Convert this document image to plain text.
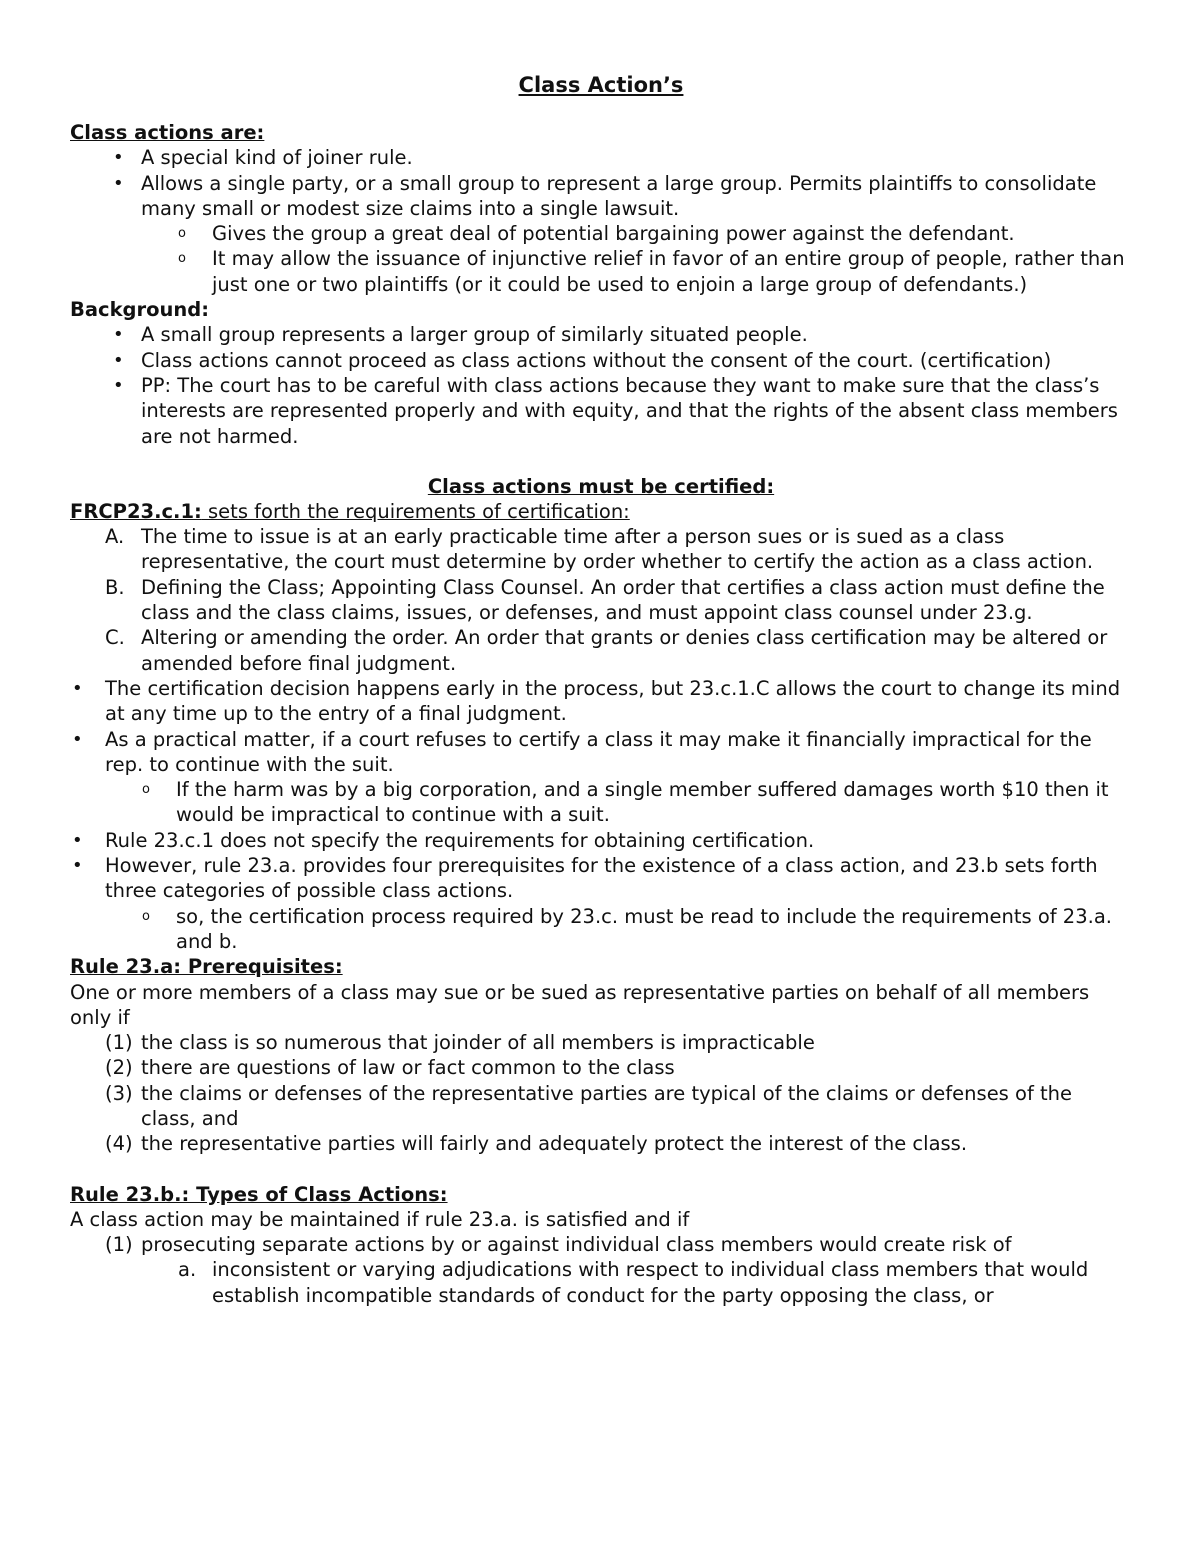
Class Action’s

Class actions are:

• A special kind of joiner rule.
• Allows a single party, or a small group to represent a large group. Permits plaintiffs to consolidate many small or modest size claims into a single lawsuit.
o Gives the group a great deal of potential bargaining power against the defendant.
o It may allow the issuance of injunctive relief in favor of an entire group of people, rather than just one or two plaintiffs (or it could be used to enjoin a large group of defendants.)

Background:

• A small group represents a larger group of similarly situated people.
• Class actions cannot proceed as class actions without the consent of the court. (certification)
• PP: The court has to be careful with class actions because they want to make sure that the class’s interests are represented properly and with equity, and that the rights of the absent class members are not harmed.
Class actions must be certified:

FRCP23.c.1: sets forth the requirements of certification:

A. The time to issue is at an early practicable time after a person sues or is sued as a class representative, the court must determine by order whether to certify the action as a class action.
B. Defining the Class; Appointing Class Counsel. An order that certifies a class action must define the class and the class claims, issues, or defenses, and must appoint class counsel under 23.g.
C. Altering or amending the order. An order that grants or denies class certification may be altered or amended before final judgment.
• The certification decision happens early in the process, but 23.c.1.C allows the court to change its mind at any time up to the entry of a final judgment.
• As a practical matter, if a court refuses to certify a class it may make it financially impractical for the rep. to continue with the suit.
o If the harm was by a big corporation, and a single member suffered damages worth $10 then it would be impractical to continue with a suit.
• Rule 23.c.1 does not specify the requirements for obtaining certification.
• However, rule 23.a. provides four prerequisites for the existence of a class action, and 23.b sets forth three categories of possible class actions.
o so, the certification process required by 23.c. must be read to include the requirements of 23.a. and b.

Rule 23.a: Prerequisites:

One or more members of a class may sue or be sued as representative parties on behalf of all members only if

(1) the class is so numerous that joinder of all members is impracticable
(2) there are questions of law or fact common to the class
(3) the claims or defenses of the representative parties are typical of the claims or defenses of the class, and
(4) the representative parties will fairly and adequately protect the interest of the class.

Rule 23.b.: Types of Class Actions:

A class action may be maintained if rule 23.a. is satisfied and if

(1) prosecuting separate actions by or against individual class members would create risk of
a. inconsistent or varying adjudications with respect to individual class members that would establish incompatible standards of conduct for the party opposing the class, or
